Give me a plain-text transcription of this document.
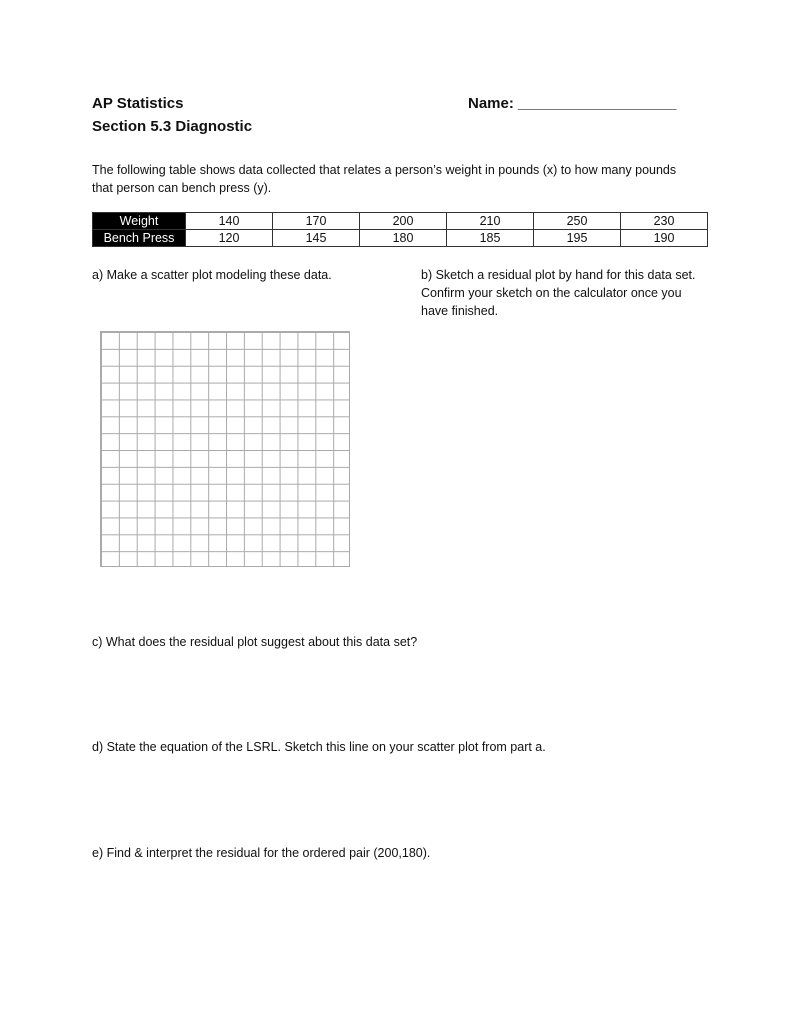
AP Statistics
Section 5.3 Diagnostic
Name: ___________________
The following table shows data collected that relates a person’s weight in pounds (x) to how many pounds that person can bench press (y).
Weight	140	170	200	210	250	230
Bench Press	120	145	180	185	195	190
a) Make a scatter plot modeling these data.	b) Sketch a residual plot by hand for this data set. Confirm your sketch on the calculator once you have finished.
c) What does the residual plot suggest about this data set?
d) State the equation of the LSRL. Sketch this line on your scatter plot from part a.
e) Find & interpret the residual for the ordered pair (200,180).
